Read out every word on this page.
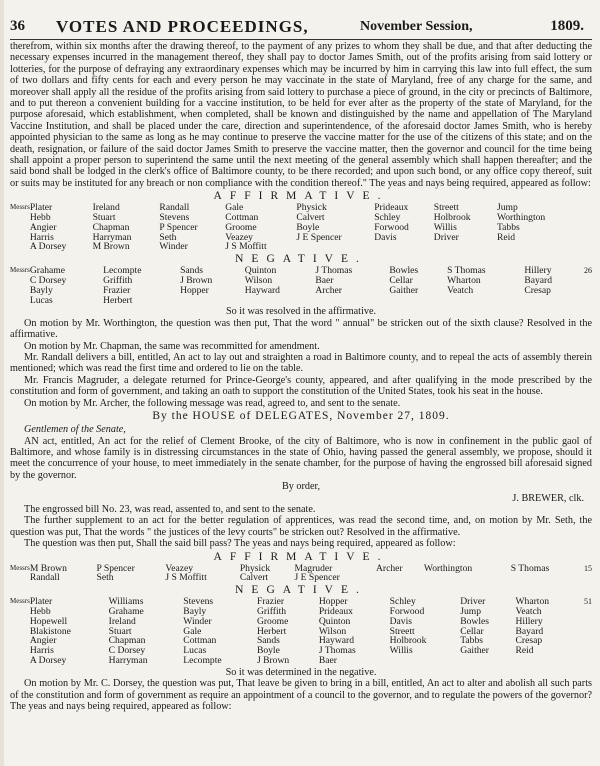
36 VOTES AND PROCEEDINGS,	November Session,	1809.

therefrom, within six months after the drawing thereof, to the payment of any prizes to whom they shall be due, and that after deducting the necessary expenses incurred in the management thereof, they shall pay to doctor James Smith, out of the profits arising from said lottery or lotteries, for the purpose of defraying any extraordinary expenses which may be incurred by him in carrying this law into full effect, the sum of two dollars and fifty cents for each and every person he may vaccinate in the state of Maryland, free of any charge for the same, and moreover shall apply all the residue of the profits arising from said lottery to purchase a piece of ground, in the city or precincts of Baltimore, and to put thereon a convenient building for a vaccine institution, to be held for ever after as the property of the state of Maryland, for the purpose aforesaid, which establishment, when completed, shall be known and distinguished by the name and appellation of The Maryland Vaccine Institution, and shall be placed under the care, direction and superintendence, of the aforesaid doctor James Smith, who is hereby appointed physician to the same as long as he may continue to preserve the vaccine matter for the use of the citizens of this state; and on the death, resignation, or failure of the said doctor James Smith to preserve the vaccine matter, then the governor and council for the time being shall appoint a proper person to superintend the same until the next meeting of the general assembly which shall happen thereafter; and the said bond shall be lodged in the clerk's office of Baltimore county, to be there recorded; and upon such bond, or any office copy thereof, suit or suits may be instituted for any breach or non compliance with the condition thereof." The yeas and nays being required, appeared as follow:

AFFIRMATIVE.
Messrs	Plater	Ireland	Randall	Gale	Physick	Prideaux	Streett	Jump	
	Hebb	Stuart	Stevens	Cottman	Calvert	Schley	Holbrook	Worthington	
	Angier	Chapman	P Spencer	Groome	Boyle	Forwood	Willis	Tabbs	
	Harris	Harryman	Seth	Veazey	J E Spencer	Davis	Driver	Reid	
	A Dorsey	M Brown	Winder	J S Moffitt					
NEGATIVE.
Messrs	Grahame	Lecompte	Sands	Quinton	J Thomas	Bowles	S Thomas	Hillery	26
	C Dorsey	Griffith	J Brown	Wilson	Baer	Cellar	Wharton	Bayard	
	Bayly	Frazier	Hopper	Hayward	Archer	Gaither	Veatch	Cresap	
	Lucas	Herbert							

So it was resolved in the affirmative.

On motion by Mr. Worthington, the question was then put, That the word " annual" be stricken out of the sixth clause? Resolved in the affirmative.

On motion by Mr. Chapman, the same was recommitted for amendment.

Mr. Randall delivers a bill, entitled, An act to lay out and straighten a road in Baltimore county, and to repeal the acts of assembly therein mentioned; which was read the first time and ordered to lie on the table.

Mr. Francis Magruder, a delegate returned for Prince-George's county, appeared, and after qualifying in the mode prescribed by the constitution and form of government, and taking an oath to support the constitution of the United States, took his seat in the house.

On motion by Mr. Archer, the following message was read, agreed to, and sent to the senate.

By the HOUSE of DELEGATES, November 27, 1809.

Gentlemen of the Senate,

AN act, entitled, An act for the relief of Clement Brooke, of the city of Baltimore, who is now in confinement in the public gaol of Baltimore, and whose family is in distressing circumstances in the state of Ohio, having passed the general assembly, we propose, should it meet the concurrence of your house, to meet immediately in the senate chamber, for the purpose of having the engrossed bill aforesaid signed by the governor.

By order,

J. BREWER, clk.

The engrossed bill No. 23, was read, assented to, and sent to the senate.

The further supplement to an act for the better regulation of apprentices, was read the second time, and, on motion by Mr. Seth, the question was put, That the words " the justices of the levy courts" be stricken out? Resolved in the affirmative.

The question was then put, Shall the said bill pass? The yeas and nays being required, appeared as follow:

AFFIRMATIVE.
Messrs	M Brown	P Spencer	Veazey	Physick	Magruder	Archer	Worthington	S Thomas	15
	Randall	Seth	J S Moffitt	Calvert	J E Spencer				
NEGATIVE.
Messrs	Plater	Williams	Stevens	Frazier	Hopper	Schley	Driver	Wharton	51
	Hebb	Grahame	Bayly	Griffith	Prideaux	Forwood	Jump	Veatch	
	Hopewell	Ireland	Winder	Groome	Quinton	Davis	Bowles	Hillery	
	Blakistone	Stuart	Gale	Herbert	Wilson	Streett	Cellar	Bayard	
	Angier	Chapman	Cottman	Sands	Hayward	Holbrook	Tabbs	Cresap	
	Harris	C Dorsey	Lucas	Boyle	J Thomas	Willis	Gaither	Reid	
	A Dorsey	Harryman	Lecompte	J Brown	Baer				

So it was determined in the negative.

On motion by Mr. C. Dorsey, the question was put, That leave be given to bring in a bill, entitled, An act to alter and abolish all such parts of the constitution and form of government as require an appointment of a council to the governor, and to regulate the powers of the governor? The yeas and nays being required, appeared as follow:
